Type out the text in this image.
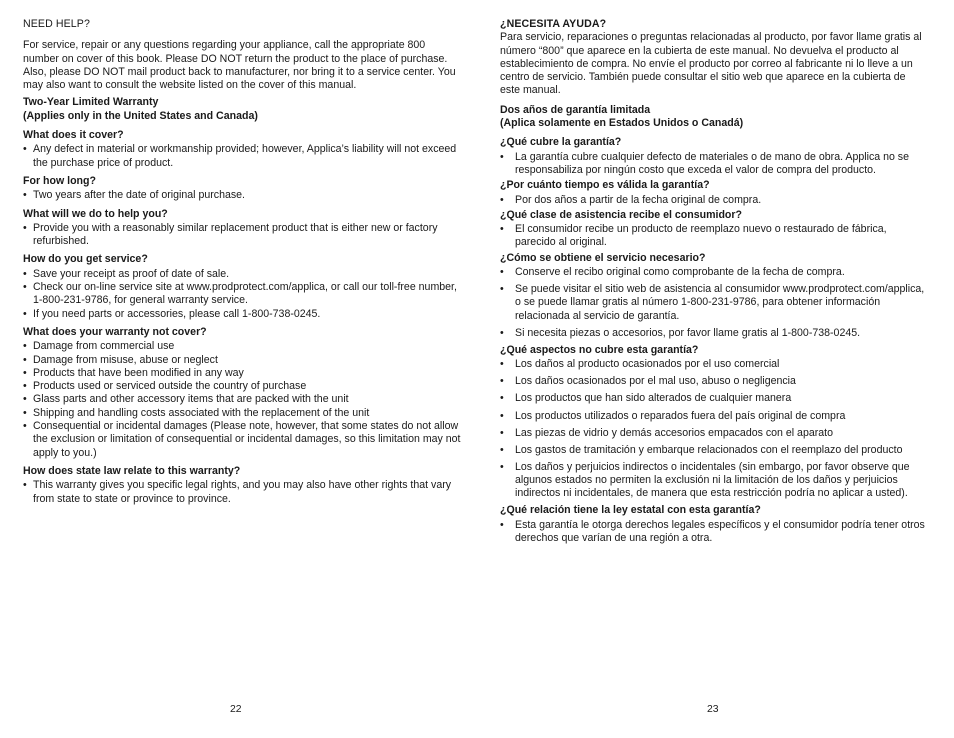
NEED HELP?
For service, repair or any questions regarding your appliance, call the appropriate 800 number on cover of this book. Please DO NOT return the product to the place of purchase. Also, please DO NOT mail product back to manufacturer, nor bring it to a service center. You may also want to consult the website listed on the cover of this manual.
Two-Year Limited Warranty
(Applies only in the United States and Canada)
What does it cover?
• Any defect in material or workmanship provided; however, Applica’s liability will not exceed the purchase price of product.
For how long?
• Two years after the date of original purchase.
What will we do to help you?
• Provide you with a reasonably similar replacement product that is either new or factory refurbished.
How do you get service?
• Save your receipt as proof of date of sale.
• Check our on-line service site at www.prodprotect.com/applica, or call our toll-free number, 1-800-231-9786, for general warranty service.
• If you need parts or accessories, please call 1-800-738-0245.
What does your warranty not cover?
• Damage from commercial use
• Damage from misuse, abuse or neglect
• Products that have been modified in any way
• Products used or serviced outside the country of purchase
• Glass parts and other accessory items that are packed with the unit
• Shipping and handling costs associated with the replacement of the unit
• Consequential or incidental damages (Please note, however, that some states do not allow the exclusion or limitation of consequential or incidental damages, so this limitation may not apply to you.)
How does state law relate to this warranty?
• This warranty gives you specific legal rights, and you may also have other rights that vary from state to state or province to province.
¿NECESITA AYUDA?
Para servicio, reparaciones o preguntas relacionadas al producto, por favor llame gratis al número “800” que aparece en la cubierta de este manual. No devuelva el producto al establecimiento de compra. No envíe el producto por correo al fabricante ni lo lleve a un centro de servicio. También puede consultar el sitio web que aparece en la cubierta de este manual.
Dos años de garantía limitada
(Aplica solamente en Estados Unidos o Canadá)
¿Qué cubre la garantía?
• La garantía cubre cualquier defecto de materiales o de mano de obra. Applica no se responsabiliza por ningún costo que exceda el valor de compra del producto.
¿Por cuánto tiempo es válida la garantía?
• Por dos años a partir de la fecha original de compra.
¿Qué clase de asistencia recibe el consumidor?
• El consumidor recibe un producto de reemplazo nuevo o restaurado de fábrica, parecido al original.
¿Cómo se obtiene el servicio necesario?
• Conserve el recibo original como comprobante de la fecha de compra.
• Se puede visitar el sitio web de asistencia al consumidor www.prodprotect.com/applica, o se puede llamar gratis al número 1-800-231-9786, para obtener información relacionada al servicio de garantía.
• Si necesita piezas o accesorios, por favor llame gratis al 1-800-738-0245.
¿Qué aspectos no cubre esta garantía?
• Los daños al producto ocasionados por el uso comercial
• Los daños ocasionados por el mal uso, abuso o negligencia
• Los productos que han sido alterados de cualquier manera
• Los productos utilizados o reparados fuera del país original de compra
• Las piezas de vidrio y demás accesorios empacados con el aparato
• Los gastos de tramitación y embarque relacionados con el reemplazo del producto
• Los daños y perjuicios indirectos o incidentales (sin embargo, por favor observe que algunos estados no permiten la exclusión ni la limitación de los daños y perjuicios indirectos ni incidentales, de manera que esta restricción podría no aplicar a usted).
¿Qué relación tiene la ley estatal con esta garantía?
• Esta garantía le otorga derechos legales específicos y el consumidor podría tener otros derechos que varían de una región a otra.
22	23
